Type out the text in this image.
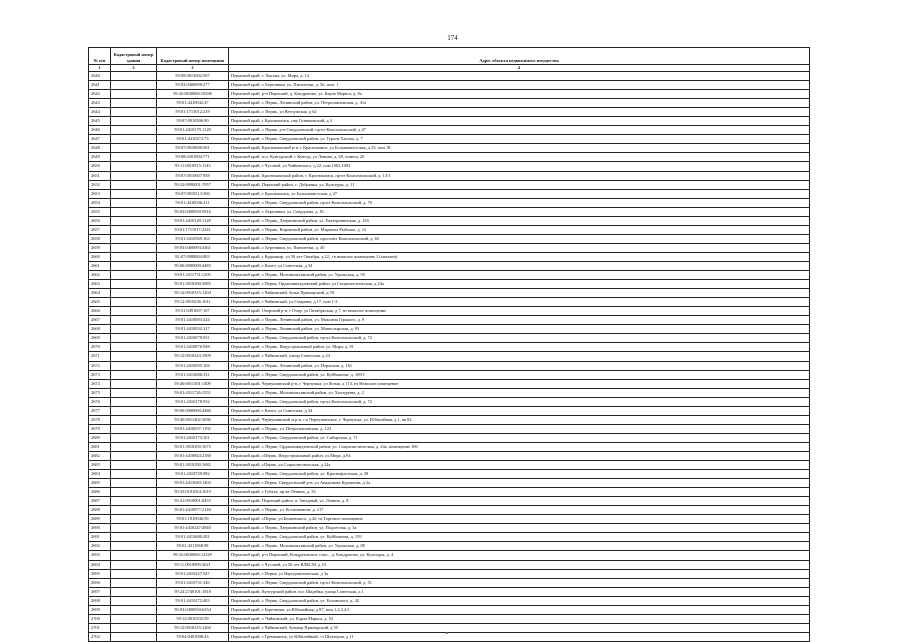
174
№ п/п	Кадастровый номер здания	Кадастровый номер помещения	Адрес объекта недвижимого имущества
1	2	3	4
2640		59:09:0013002:507	Пермский край, г. Лысьва, ул. Мира, д. 14
2641		59:03:0400098:277	Пермский край, г. Березники, ул. Пятилетки, д. 56, пом. 1
2642		59:32:0630006:10296	Пермский край, р-н Пермский, д. Кондратово, ул. Карла Маркса, д. 8а
2643		59:01:4410042:47	Пермский край, г. Пермь, Ленинский район, ул. Петропавловская, д. 41а
2644		59:01:1715012:219	Пермский край, г. Пермь, ул Ветлужская, д 62
2645		59:07:0010506:90	Пермский край, г Краснокамск, пер Гознаковский, д 4
2646		59:01:4410179:1128	Пермский край, г. Пермь, р-н Свердловский, пр-кт Комсомольский, д 47
2647		59:01:4410272:73	Пермский край, г. Пермь, Свердловский район, ул. Героев Хасана, д. 7
2648		59:07:0010606:561	Пермский край, Краснокамский р-н, г Краснокамск, ул Большевистская, д 33, пом 18
2649		59:08:0201004:771	Пермский край, м.о. Кунгурский, г Кунгур, ул Ленина, д. 69, помещ. 20
2650		59:11:0010915:1143	Пермский край, г Чусовой, ул Чайковского, д 22, пом 1002,1003
2651		59:07:0010607:958	Пермский край, Краснокамский район, г. Краснокамск, пр-кт Комсомольский, д. 13/1
2652		59:32:0890001:7057	Пермский край, Пермский район, с. Добрянка, ул. Культуры, д. 11
2653		59:07:0010513:506	Пермский край, г Краснокамск, ул Большевистская, д 27
2654		59:01:4410036:211	Пермский край, г. Пермь, Свердловский район, пр-кт Комсомольский, д. 76
2655		59:03:0400050:5816	Пермский край, г. Березники, ул. Свердлова, д. 81
2656		59:01:4410129:1128	Пермский край, г. Пермь, Дзержинский район, ул. Екатерининская, д. 165
2657		59:01:1711017:2241	Пермский край, г. Пермь, Кировский район, ул. Маршала Рыбалко, д. 12
2658		59:01:4410569:163	Пермский край, г. Пермь, Свердловский район, проспект Комсомольский, д. 65
2659		59:03:0400094:4361	Пермский край, г. Березники, ул. Пятилетки, д. 40
2660		81:07:0088004:803	Пермский край, г Кудымкар, ул 50 лет Октября, д 22, ×в нежилое помещение 2 (магазин)
2661		59:06:0000000:4485	Пермский край, г Кизел, ул Советская, д 34
2662		59:01:4311731:1205	Пермский край, г. Пермь, Мотовилихинский район, ул. Уральская, д. 95
2663		59:01:3810290:3085	Пермский край, г Пермь, Орджоникидзевский район, ул Социалистическая, д 24а
2664		59:12:0010315:1204	Пермский край, г Чайковский, бульв Приморский, д 59
2665		59:12:0010236:1011	Пермский край, г Чайковский, ул Гагарина, д 17, пом 1-3
2666		59:31:0491607:107	Пермский край, Очерский р-н, г Очер, ул Октябрьская, д 7, нз нежилое помещение
2667		59:01:4410083:424	Пермский край, г. Пермь, Ленинский район, ул. Максима Горького, д. 9
2668		59:01:4410032:317	Пермский край, г. Пермь, Ленинский район, ул. Монастырская, д. 93
2669		59:01:4410078:931	Пермский край, г. Пермь, Свердловский район, пр-кт Комсомольский, д. 72
2670		59:01:4410876:948	Пермский край, г. Пермь, Индустриальный район, ул. Мира, д. 91
2671		59:12:0010243:1909	Пермский край, г Чайковский, улица Советская, д 24
2672		59:01:4410095:104	Пермский край, г. Пермь, Ленинский район, ул. Пермская, д. 161
2673		59:01:4413686:331	Пермский край, г. Пермь, Свердловский район, ул. Куйбышева, д. 169/1
2674		59:40:0011301:1409	Пермский край, Чернушинский р-н, г Чернушка, ул Ясная, д 113, нз Нежилое помещение
2675		59:01:4311726:1551	Пермский край, г. Пермь, Мотовилихинский район, ул. Халтурина, д. 2
2676		59:01:4410178:932	Пермский край, г. Пермь, Свердловский район, пр-кт Комсомольский, д. 72
2677		59:06:0000000:4486	Пермский край, г Кизел, ул Советская, д 34
2678		59:40:0011402:3036	Пермский край, Чернушинский м.р-н, г.п Чернушинское, г. Чернушка, ул. Юбилейная, д 1, кв 82
2679		59:01:4410037:1192	Пермский край, г. Пермь, ул. Петропавловская, д. 123
2680		59:01:4410173:101	Пермский край, г. Пермь, Свердловский район, ул. Сибирская, д. 71
2681		59:01:3810290:1675	Пермский край, г. Пермь, Орджоникидзевский район, ул. Социалистическая, д. 24а, помещение 100
2682		59:01:4410844:2180	Пермский край, г.Пермь, Индустриальный район, ул.Мира, д.94
2683		59:01:3810290:1682	Пермский край, г.Пермь, ул.Социалистическая, д.24а
2684		59:01:4410729:982	Пермский край, г. Пермь, Свердловский район, ул. Краснофлотская, д. 28
2685		59:01:4413649:1402	Пермский край, г Пермь, Свердловский р-н, ул Академика Курчатова, д 2а
2686		59:35:0101024:1619	Пермский край, г Губаха, пр-кт Ленина, д. 33
2687		59:41:0010001:8455	Пермский край, Пермский район, п. Звездный, ул. Ленина, д. 8
2688		59:01:4410877:2140	Пермский край, г. Пермь, ул. Космонавтов, д. 217
2689		59:01:1810046:59	Пермский край, г.Пермь, ул.Беляевского, д.42, нз Торговое помещение
2690		59:01:4410247:4840	Пермский край, г. Пермь, Дзержинский район, ул. Подлесная, д. 3а
2691		59:01:4413680:281	Пермский край, г. Пермь, Свердловский район, ул. Куйбышева, д. 159
2692		59:01:4311068:98	Пермский край, г. Пермь, Мотовилихинский район, ул. Уральская, д. 80
2693		59:32:0630006:12329	Пермский край, р-н Пермский, Кондратовское с/пос., д. Кондратово, ул. Культуры, д. 4
2694		59:11:0010909:3021	Пермский край, г Чусовой, ул 50 лет ВЛКСМ, д 10
2695		59:01:4410227:547	Пермский край, г Пермь, ул Народовольческая, д 3а
2696		59:01:4410731:340	Пермский край, г. Пермь, Свердловский район, пр-кт Комсомольский, д. 51
2697		59:24:2740101:1818	Пермский край, Кунгурский район, пос Шадейка, улица Советская, д 1
2698		59:01:4410272:403	Пермский край, г. Пермь, Свердловский район, ул. Белинского, д. 42
2699		59:03:0400050:6234	Пермский край, г Березники, ул Юбилейная, д 87, пом 1,2,3,4,5
2700		59:12:0010333:59	Пермский край, г. Чайковский, ул. Карла Маркса, д. 53
2701		59:12:0010315:1260	Пермский край, г Чайковский, бульвар Приморский, д 55
2702		59:04:0401008:43	Пермский край, г Гремячинск, ул Юбилейный, ×з Шахтеров, д 11
